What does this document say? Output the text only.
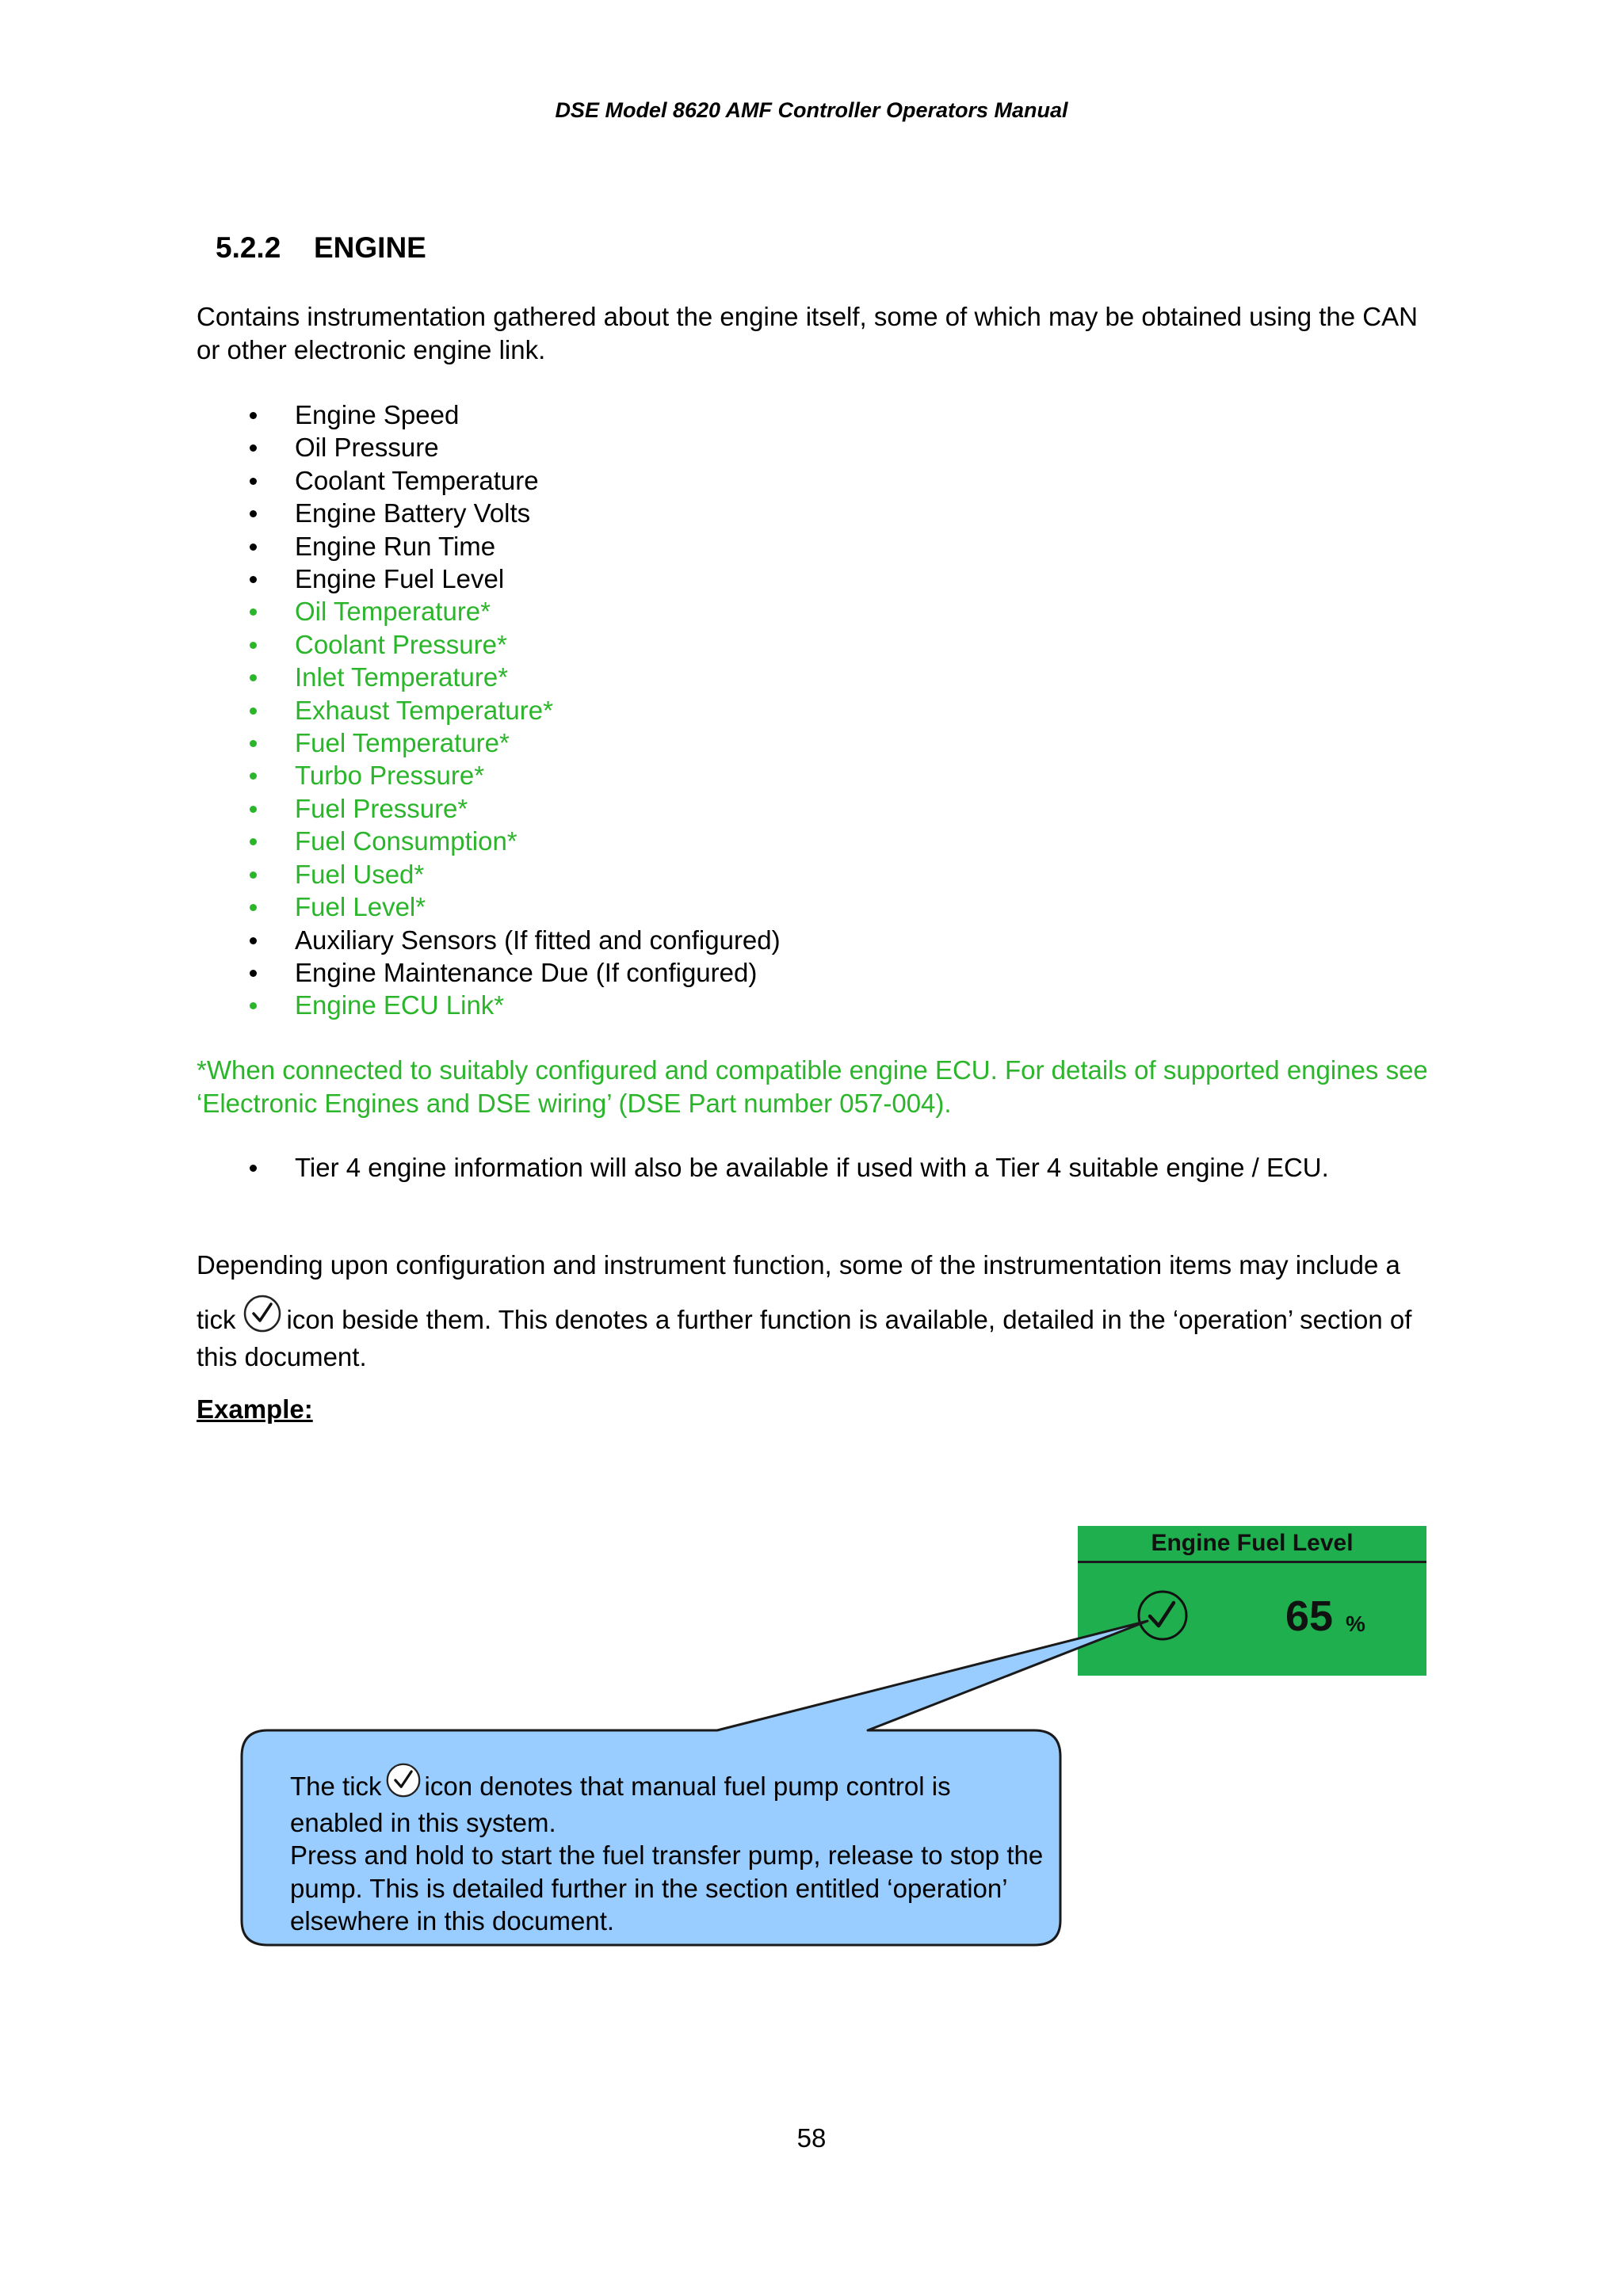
DSE Model 8620 AMF Controller Operators Manual
5.2.2 ENGINE
Contains instrumentation gathered about the engine itself, some of which may be obtained using the CAN or other electronic engine link.
Engine Speed
Oil Pressure
Coolant Temperature
Engine Battery Volts
Engine Run Time
Engine Fuel Level
Oil Temperature*
Coolant Pressure*
Inlet Temperature*
Exhaust Temperature*
Fuel Temperature*
Turbo Pressure*
Fuel Pressure*
Fuel Consumption*
Fuel Used*
Fuel Level*
Auxiliary Sensors (If fitted and configured)
Engine Maintenance Due (If configured)
Engine ECU Link*
*When connected to suitably configured and compatible engine ECU. For details of supported engines see ‘Electronic Engines and DSE wiring’ (DSE Part number 057-004).
Tier 4 engine information will also be available if used with a Tier 4 suitable engine / ECU.
Depending upon configuration and instrument function, some of the instrumentation items may include a
tick icon beside them. This denotes a further function is available, detailed in the ‘operation’ section of this document.
Example:
Engine Fuel Level
65 %
The tick icon denotes that manual fuel pump control is enabled in this system.
Press and hold to start the fuel transfer pump, release to stop the pump. This is detailed further in the section entitled ‘operation’ elsewhere in this document.
58
